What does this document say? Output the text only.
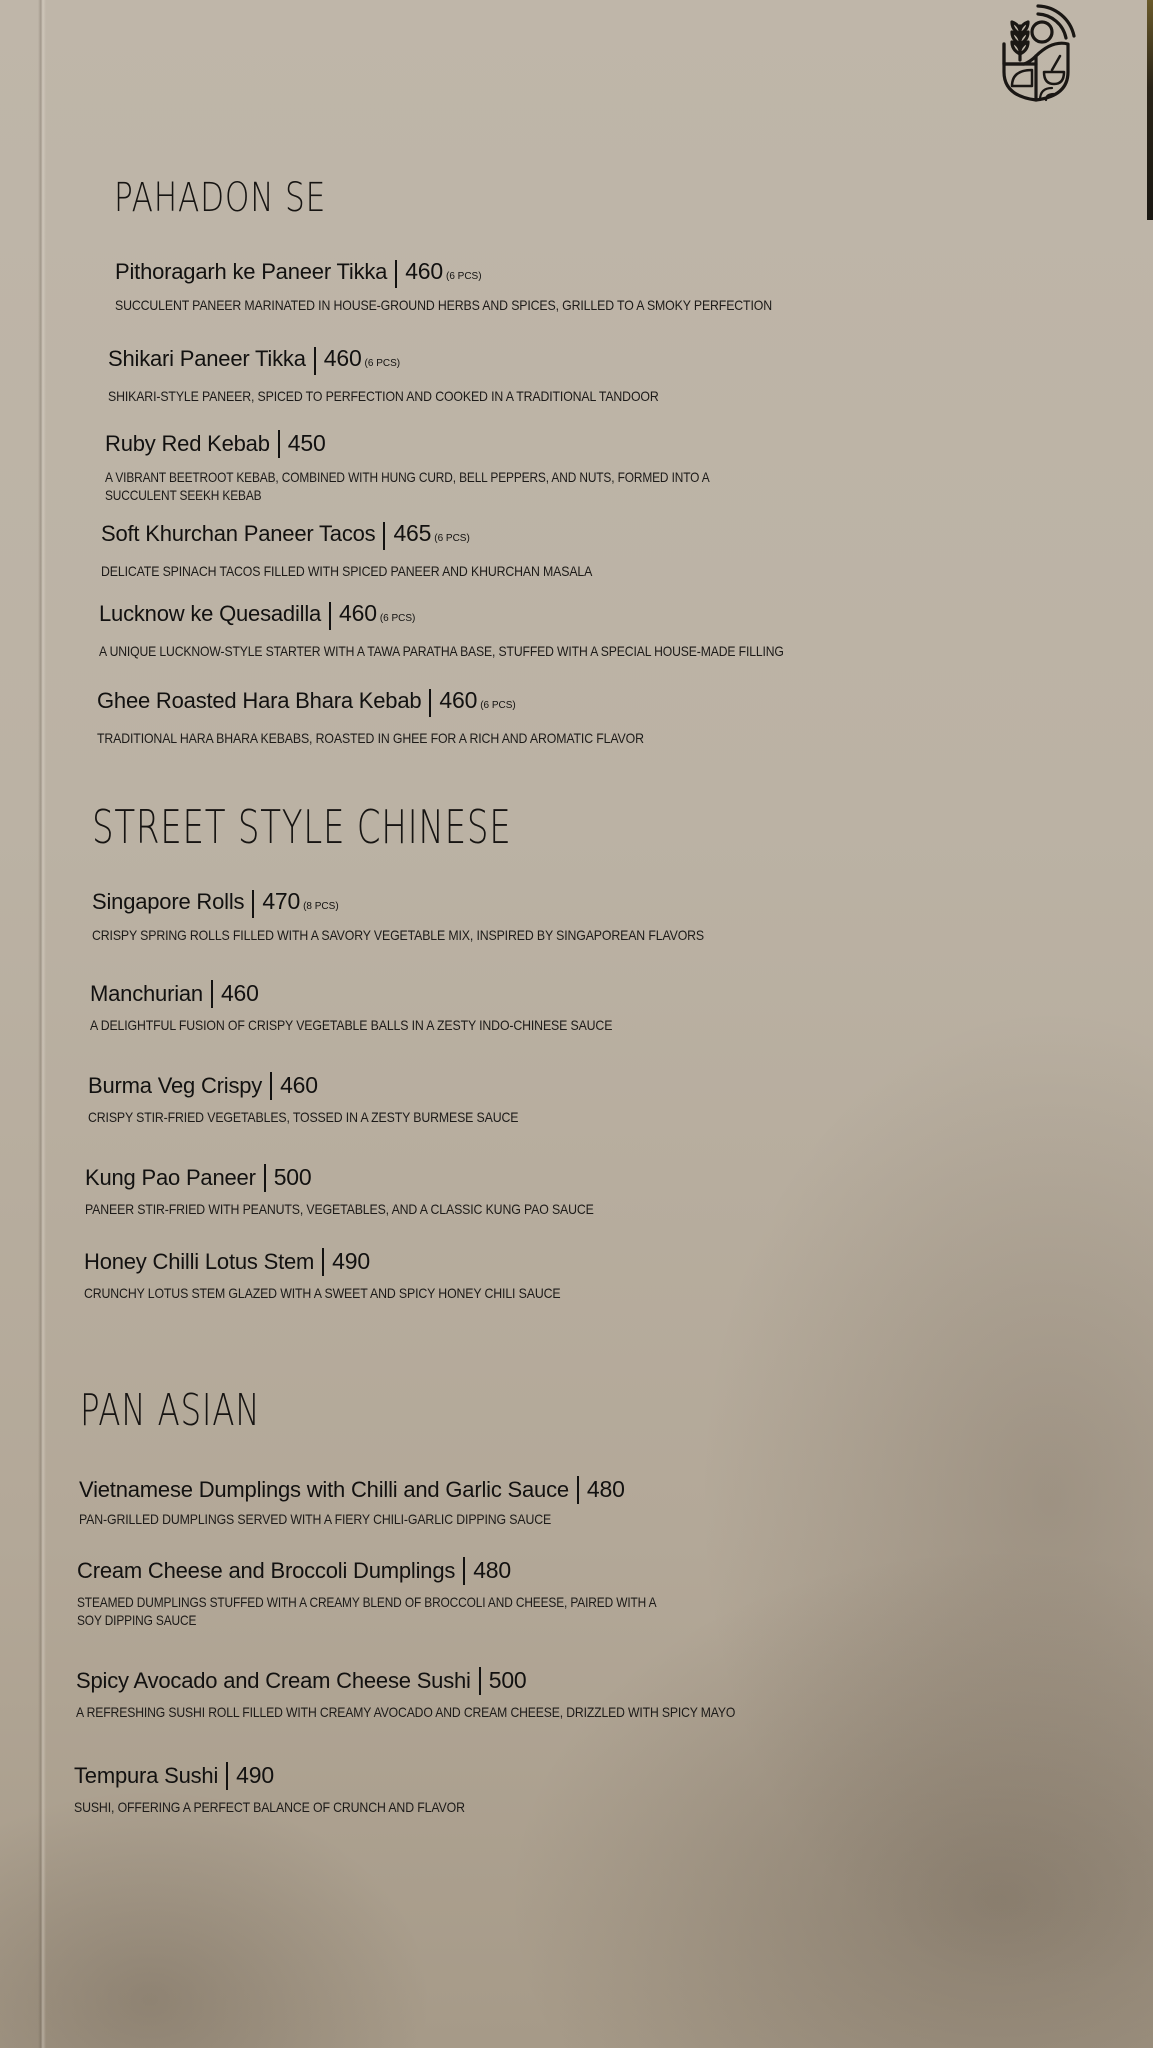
PAHADON SE
Pithoragarh ke Paneer Tikka 460 (6 PCS)
SUCCULENT PANEER MARINATED IN HOUSE-GROUND HERBS AND SPICES, GRILLED TO A SMOKY PERFECTION
Shikari Paneer Tikka 460 (6 PCS)
SHIKARI-STYLE PANEER, SPICED TO PERFECTION AND COOKED IN A TRADITIONAL TANDOOR
Ruby Red Kebab 450
A VIBRANT BEETROOT KEBAB, COMBINED WITH HUNG CURD, BELL PEPPERS, AND NUTS, FORMED INTO A
SUCCULENT SEEKH KEBAB
Soft Khurchan Paneer Tacos 465 (6 PCS)
DELICATE SPINACH TACOS FILLED WITH SPICED PANEER AND KHURCHAN MASALA
Lucknow ke Quesadilla 460 (6 PCS)
A UNIQUE LUCKNOW-STYLE STARTER WITH A TAWA PARATHA BASE, STUFFED WITH A SPECIAL HOUSE-MADE FILLING
Ghee Roasted Hara Bhara Kebab 460 (6 PCS)
TRADITIONAL HARA BHARA KEBABS, ROASTED IN GHEE FOR A RICH AND AROMATIC FLAVOR
STREET STYLE CHINESE
Singapore Rolls 470 (8 PCS)
CRISPY SPRING ROLLS FILLED WITH A SAVORY VEGETABLE MIX, INSPIRED BY SINGAPOREAN FLAVORS
Manchurian 460
A DELIGHTFUL FUSION OF CRISPY VEGETABLE BALLS IN A ZESTY INDO-CHINESE SAUCE
Burma Veg Crispy 460
CRISPY STIR-FRIED VEGETABLES, TOSSED IN A ZESTY BURMESE SAUCE
Kung Pao Paneer 500
PANEER STIR-FRIED WITH PEANUTS, VEGETABLES, AND A CLASSIC KUNG PAO SAUCE
Honey Chilli Lotus Stem 490
CRUNCHY LOTUS STEM GLAZED WITH A SWEET AND SPICY HONEY CHILI SAUCE
PAN ASIAN
Vietnamese Dumplings with Chilli and Garlic Sauce 480
PAN-GRILLED DUMPLINGS SERVED WITH A FIERY CHILI-GARLIC DIPPING SAUCE
Cream Cheese and Broccoli Dumplings 480
STEAMED DUMPLINGS STUFFED WITH A CREAMY BLEND OF BROCCOLI AND CHEESE, PAIRED WITH A
SOY DIPPING SAUCE
Spicy Avocado and Cream Cheese Sushi 500
A REFRESHING SUSHI ROLL FILLED WITH CREAMY AVOCADO AND CREAM CHEESE, DRIZZLED WITH SPICY MAYO
Tempura Sushi 490
SUSHI, OFFERING A PERFECT BALANCE OF CRUNCH AND FLAVOR
